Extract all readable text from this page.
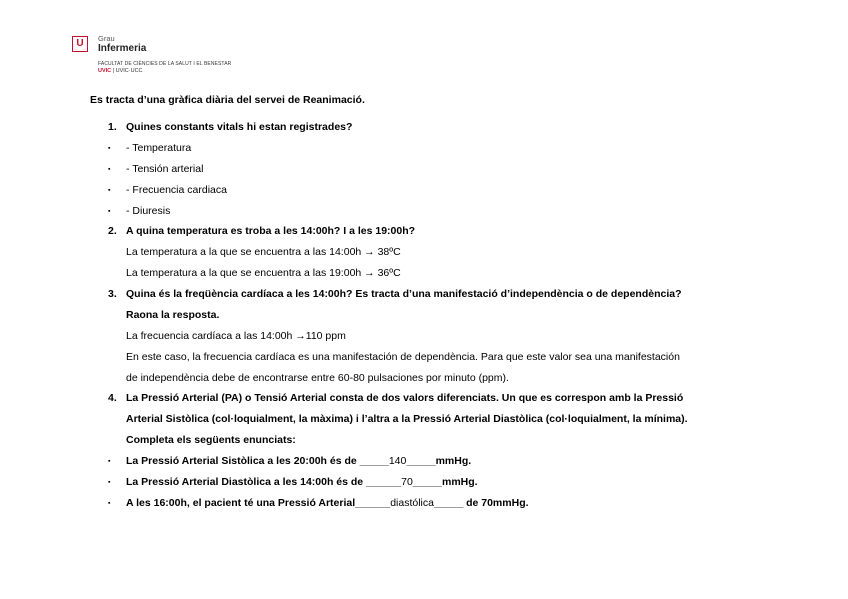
U	Grau
Infermeria
FACULTAT DE CIÈNCIES DE LA SALUT I EL BENESTAR
UVIC | UVIC·UCC
Es tracta d’una gràfica diària del servei de Reanimació.
1. Quines constants vitals hi estan registrades?
▪ - Temperatura
▪ - Tensión arterial
▪ - Frecuencia cardiaca
▪ - Diuresis
2. A quina temperatura es troba a les 14:00h? I a les 19:00h?
La temperatura a la que se encuentra a las 14:00h → 38ºC
La temperatura a la que se encuentra a las 19:00h → 36ºC
3. Quina és la freqüència cardíaca a les 14:00h? Es tracta d’una manifestació d’independència o de dependència?
Raona la resposta.
La frecuencia cardíaca a las 14:00h →110 ppm
En este caso, la frecuencia cardíaca es una manifestación de dependència. Para que este valor sea una manifestación
de independència debe de encontrarse entre 60-80 pulsaciones por minuto (ppm).
4. La Pressió Arterial (PA) o Tensió Arterial consta de dos valors diferenciats. Un que es correspon amb la Pressió
Arterial Sistòlica (col·loquialment, la màxima) i l’altra a la Pressió Arterial Diastòlica (col·loquialment, la mínima).
Completa els següents enunciats:
▪ La Pressió Arterial Sistòlica a les 20:00h és de _____140_____mmHg.
▪ La Pressió Arterial Diastòlica a les 14:00h és de ______70_____mmHg.
▪ A les 16:00h, el pacient té una Pressió Arterial______diastólica_____ de 70mmHg.
